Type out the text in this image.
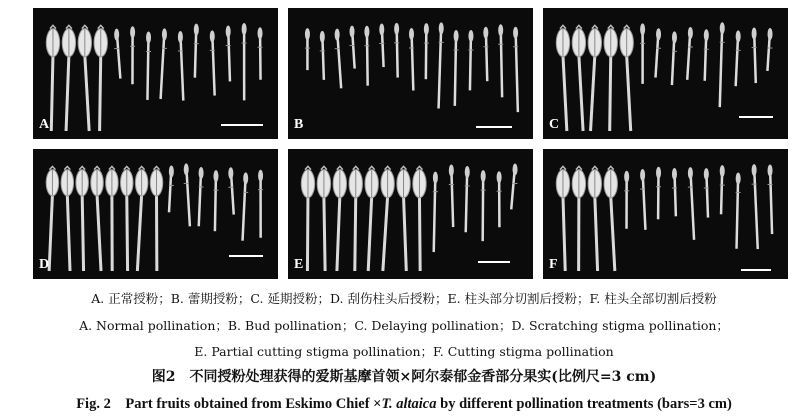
A	B	C
D	E	F
A. 正常授粉；B. 蕾期授粉；C. 延期授粉；D. 刮伤柱头后授粉；E. 柱头部分切割后授粉；F. 柱头全部切割后授粉
A. Normal pollination；B. Bud pollination；C. Delaying pollination；D. Scratching stigma pollination；
E. Partial cutting stigma pollination；F. Cutting stigma pollination
图2　不同授粉处理获得的爱斯基摩首领×阿尔泰郁金香部分果实(比例尺=3 cm)
Fig. 2　Part fruits obtained from Eskimo Chief ×T. altaica by different pollination treatments (bars=3 cm)
